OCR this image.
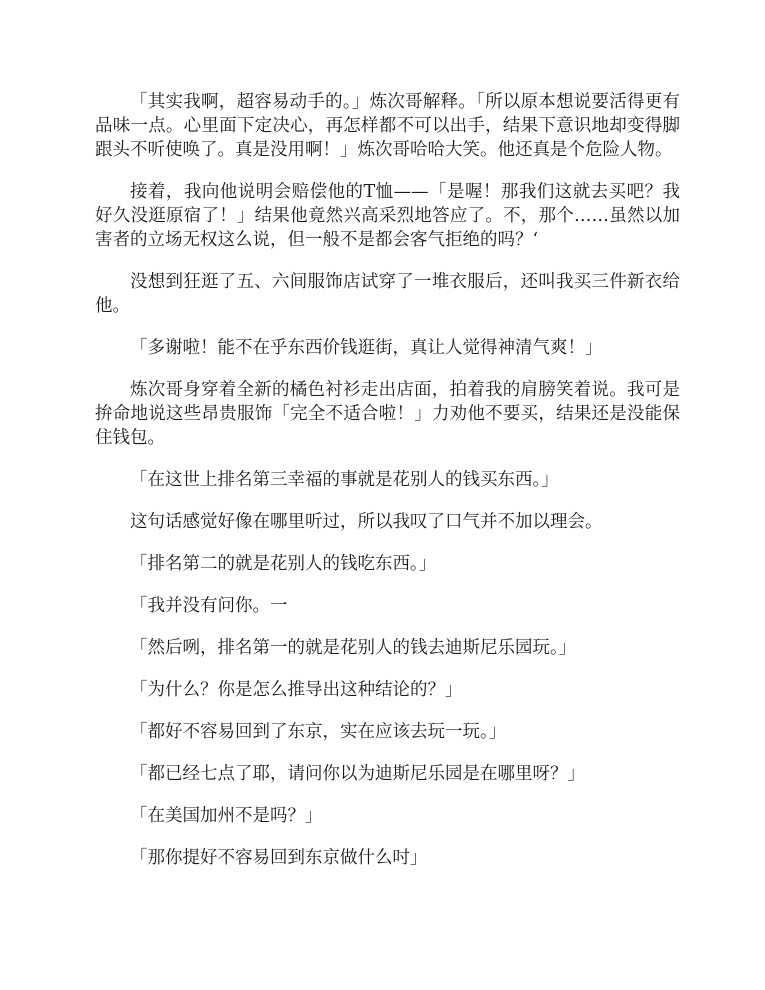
「其实我啊，超容易动手的。」炼次哥解释。「所以原本想说要活得更有品味一点。心里面下定决心，再怎样都不可以出手，结果下意识地却变得脚跟头不听使唤了。真是没用啊！」炼次哥哈哈大笑。他还真是个危险人物。

接着，我向他说明会赔偿他的T恤——「是喔！那我们这就去买吧？我好久没逛原宿了！」结果他竟然兴高采烈地答应了。不，那个……虽然以加害者的立场无权这么说，但一般不是都会客气拒绝的吗？‘

没想到狂逛了五、六间服饰店试穿了一堆衣服后，还叫我买三件新衣给他。

「多谢啦！能不在乎东西价钱逛街，真让人觉得神清气爽！」

炼次哥身穿着全新的橘色衬衫走出店面，拍着我的肩膀笑着说。我可是拚命地说这些昂贵服饰「完全不适合啦！」力劝他不要买，结果还是没能保住钱包。

「在这世上排名第三幸福的事就是花别人的钱买东西。」

这句话感觉好像在哪里听过，所以我叹了口气并不加以理会。

「排名第二的就是花别人的钱吃东西。」

「我并没有问你。一

「然后咧，排名第一的就是花别人的钱去迪斯尼乐园玩。」

「为什么？你是怎么推导出这种结论的？」

「都好不容易回到了东京，实在应该去玩一玩。」

「都已经七点了耶，请问你以为迪斯尼乐园是在哪里呀？」

「在美国加州不是吗？」

「那你提好不容易回到东京做什么吋」
